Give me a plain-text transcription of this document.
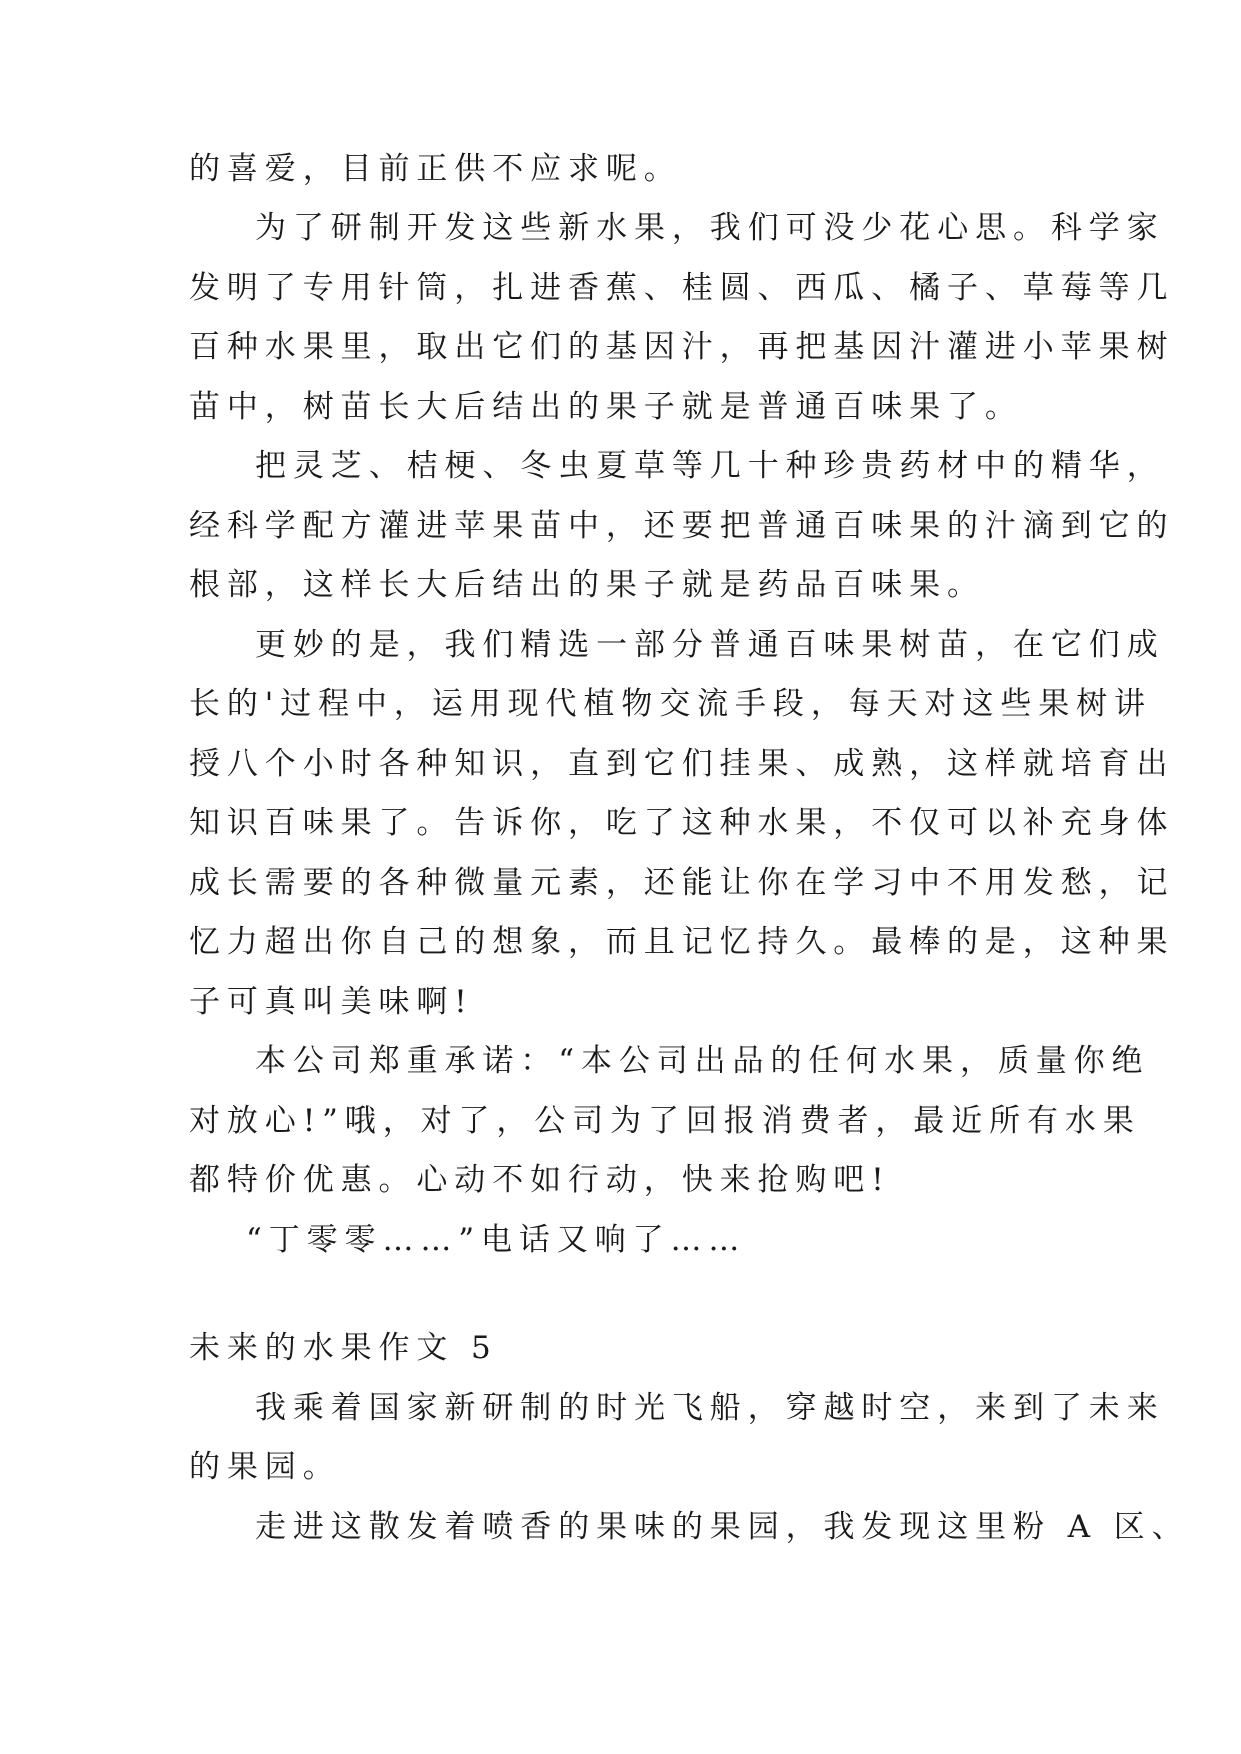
的喜爱，目前正供不应求呢。
为了研制开发这些新水果，我们可没少花心思。科学家
发明了专用针筒，扎进香蕉、桂圆、西瓜、橘子、草莓等几
百种水果里，取出它们的基因汁，再把基因汁灌进小苹果树
苗中，树苗长大后结出的果子就是普通百味果了。
把灵芝、桔梗、冬虫夏草等几十种珍贵药材中的精华，
经科学配方灌进苹果苗中，还要把普通百味果的汁滴到它的
根部，这样长大后结出的果子就是药品百味果。
更妙的是，我们精选一部分普通百味果树苗，在它们成
长的'过程中，运用现代植物交流手段，每天对这些果树讲
授八个小时各种知识，直到它们挂果、成熟，这样就培育出
知识百味果了。告诉你，吃了这种水果，不仅可以补充身体
成长需要的各种微量元素，还能让你在学习中不用发愁，记
忆力超出你自己的想象，而且记忆持久。最棒的是，这种果
子可真叫美味啊!
本公司郑重承诺：“本公司出品的任何水果，质量你绝
对放心!”哦，对了，公司为了回报消费者，最近所有水果
都特价优惠。心动不如行动，快来抢购吧!
“丁零零……”电话又响了……
未来的水果作文 5
我乘着国家新研制的时光飞船，穿越时空，来到了未来
的果园。
走进这散发着喷香的果味的果园，我发现这里粉 A 区、
